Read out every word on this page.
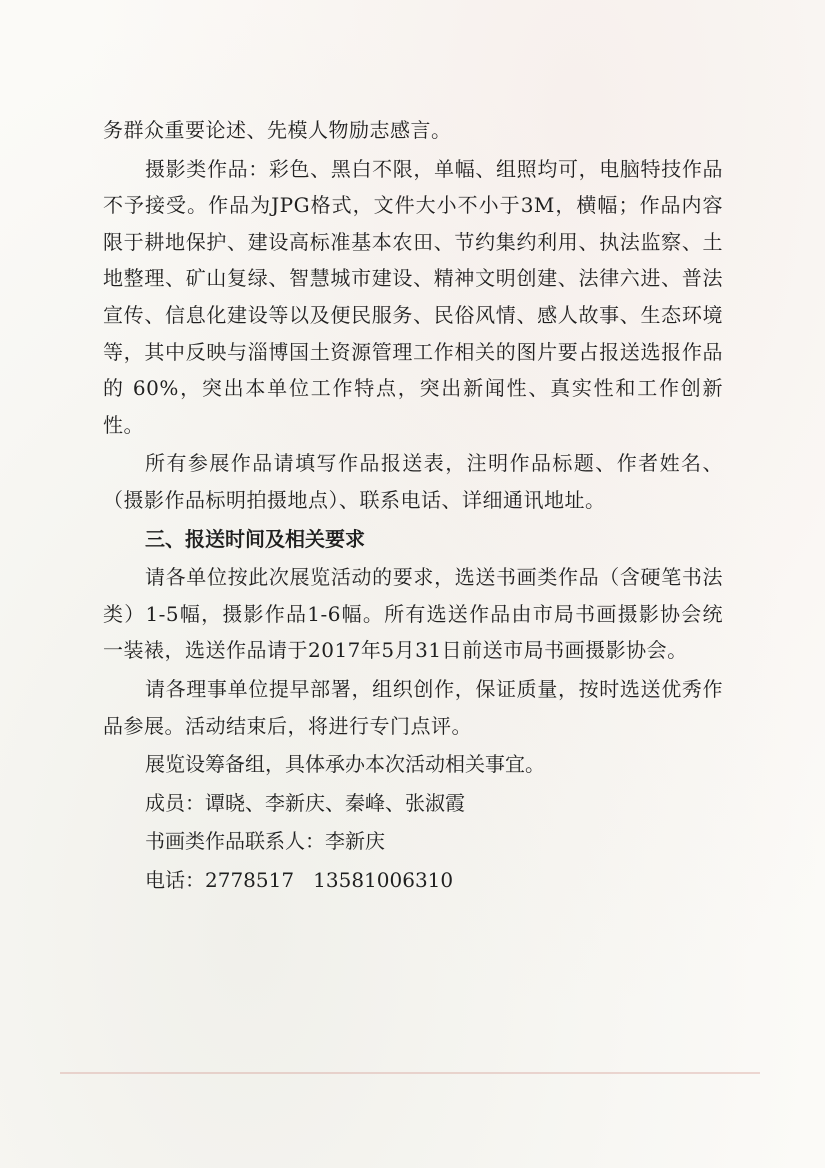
务群众重要论述、先模人物励志感言。

摄影类作品：彩色、黑白不限，单幅、组照均可，电脑特技作品不予接受。作品为JPG格式，文件大小不小于3M，横幅；作品内容限于耕地保护、建设高标准基本农田、节约集约利用、执法监察、土地整理、矿山复绿、智慧城市建设、精神文明创建、法律六进、普法宣传、信息化建设等以及便民服务、民俗风情、感人故事、生态环境等，其中反映与淄博国土资源管理工作相关的图片要占报送选报作品的 60%，突出本单位工作特点，突出新闻性、真实性和工作创新性。

所有参展作品请填写作品报送表，注明作品标题、作者姓名、（摄影作品标明拍摄地点）、联系电话、详细通讯地址。

三、报送时间及相关要求

请各单位按此次展览活动的要求，选送书画类作品（含硬笔书法类）1-5幅，摄影作品1-6幅。所有选送作品由市局书画摄影协会统一装裱，选送作品请于2017年5月31日前送市局书画摄影协会。

请各理事单位提早部署，组织创作，保证质量，按时选送优秀作品参展。活动结束后，将进行专门点评。

展览设筹备组，具体承办本次活动相关事宜。

成员：谭晓、李新庆、秦峰、张淑霞

书画类作品联系人：李新庆

电话：2778517   13581006310
